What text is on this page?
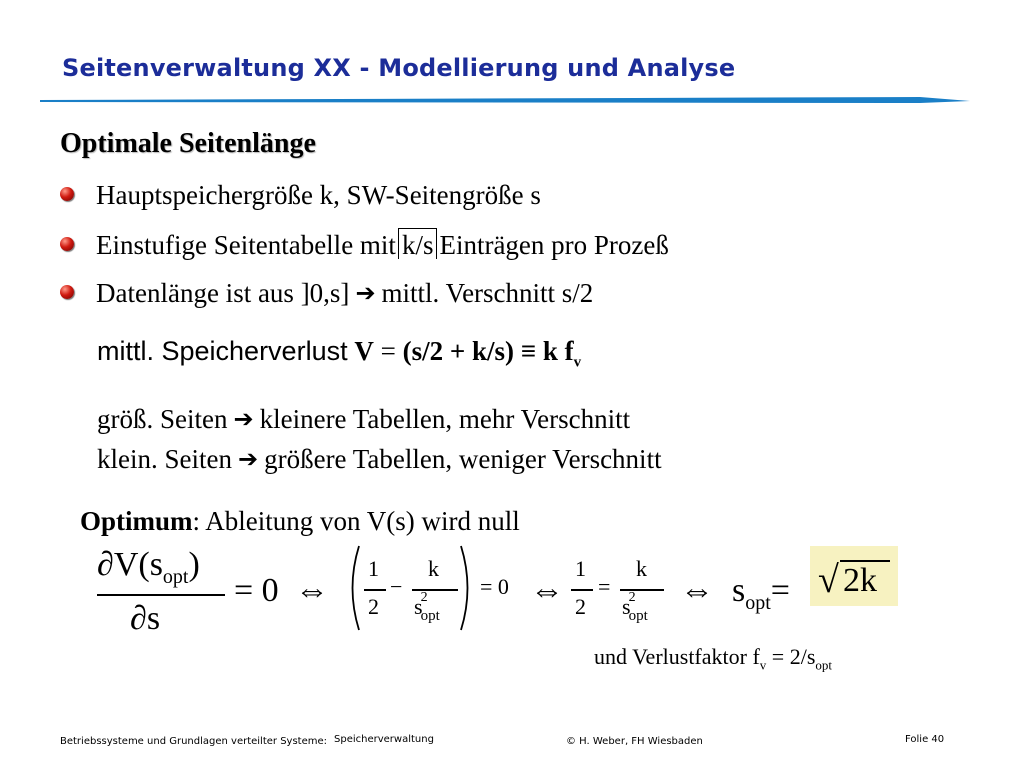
Seitenverwaltung XX - Modellierung und Analyse
Optimale Seitenlänge
Hauptspeichergröße k, SW-Seitengröße s
Einstufige Seitentabelle mit k/s Einträgen pro Prozeß
Datenlänge ist aus ]0,s] ➔ mittl. Verschnitt s/2
mittl. Speicherverlust V = (s/2 + k/s) ≡ k $f_v$
größ. Seiten ➔ kleinere Tabellen, mehr Verschnitt
klein. Seiten ➔ größere Tabellen, weniger Verschnitt
Optimum: Ableitung von V(s) wird null
$\partial V(s_{opt})$
∂s
= 0 ⇔
1
2
−
k
$s^2_{opt}$
= 0 ⇔
1
2
=
k
$s^2_{opt}$
⇔ $s_{opt}=$ √ 2k
und Verlustfaktor $f_v = 2/s_{opt}$
Betriebssysteme und Grundlagen verteilter Systeme: Speicherverwaltung	© H. Weber, FH Wiesbaden	Folie 40
